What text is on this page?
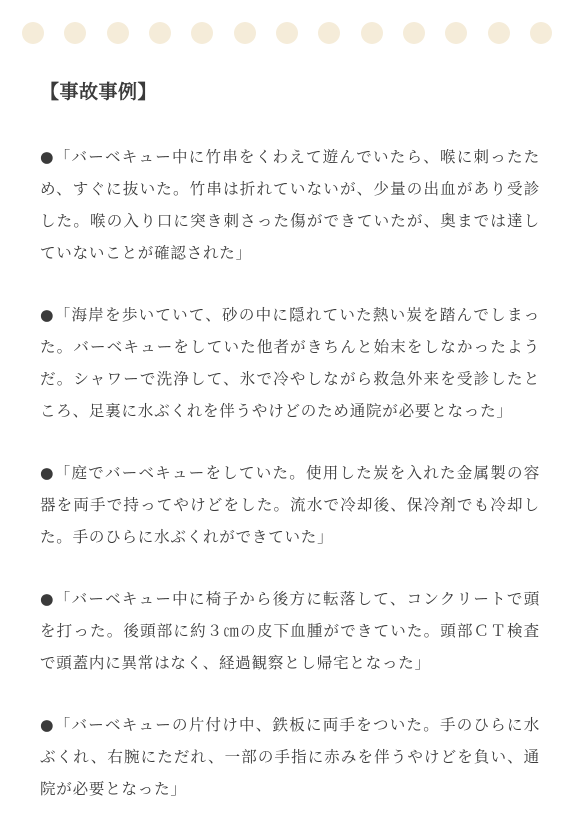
【事故事例】
●「バーベキュー中に竹串をくわえて遊んでいたら、喉に刺ったため、すぐに抜いた。竹串は折れていないが、少量の出血があり受診した。喉の入り口に突き刺さった傷ができていたが、奥までは達していないことが確認された」
●「海岸を歩いていて、砂の中に隠れていた熱い炭を踏んでしまった。バーベキューをしていた他者がきちんと始末をしなかったようだ。シャワーで洗浄して、氷で冷やしながら救急外来を受診したところ、足裏に水ぶくれを伴うやけどのため通院が必要となった」
●「庭でバーベキューをしていた。使用した炭を入れた金属製の容器を両手で持ってやけどをした。流水で冷却後、保冷剤でも冷却した。手のひらに水ぶくれができていた」
●「バーベキュー中に椅子から後方に転落して、コンクリートで頭を打った。後頭部に約３㎝の皮下血腫ができていた。頭部ＣＴ検査で頭蓋内に異常はなく、経過観察とし帰宅となった」
●「バーベキューの片付け中、鉄板に両手をついた。手のひらに水ぶくれ、右腕にただれ、一部の手指に赤みを伴うやけどを負い、通院が必要となった」
